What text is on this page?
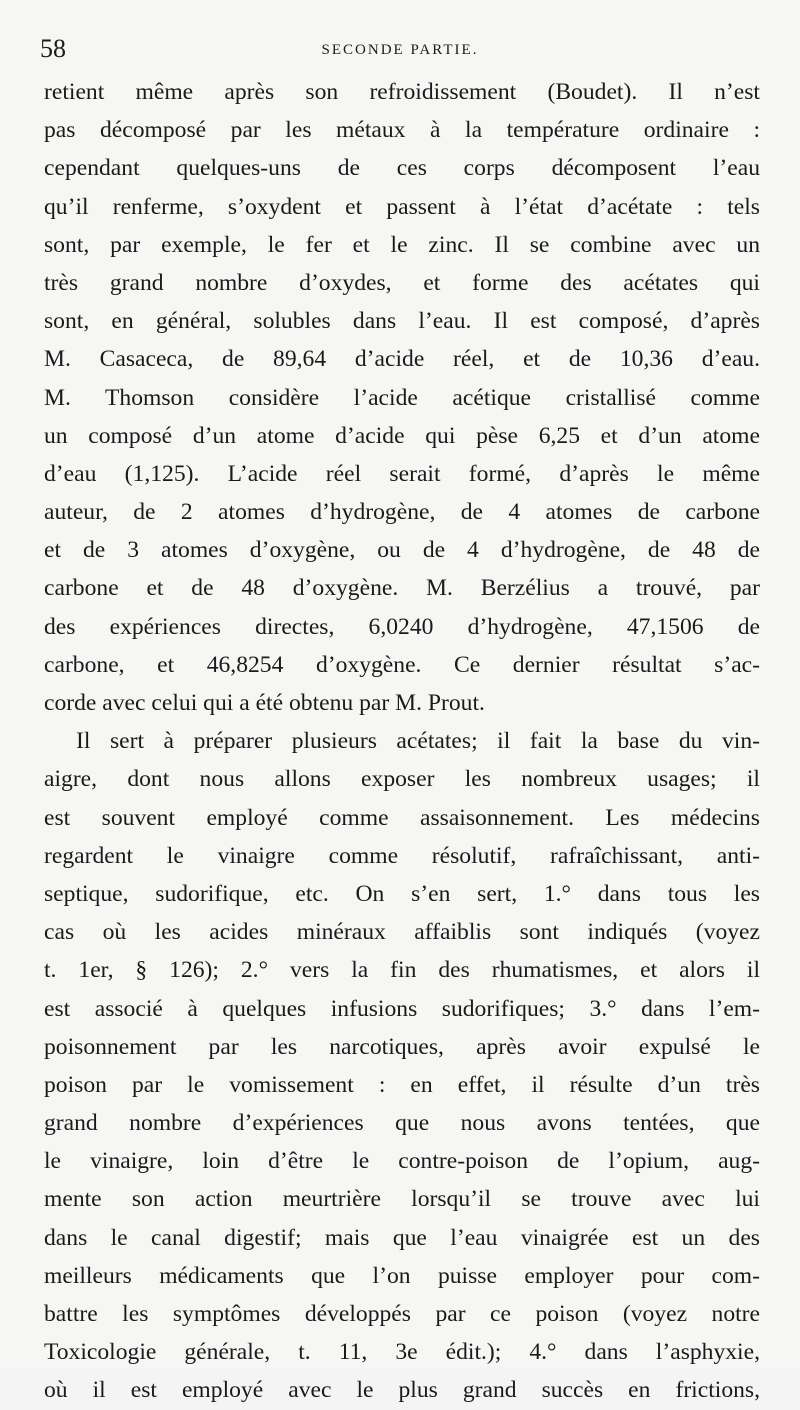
58	SECONDE PARTIE.
retient même après son refroidissement (Boudet). Il n’est
pas décomposé par les métaux à la température ordinaire :
cependant quelques-uns de ces corps décomposent l’eau
qu’il renferme, s’oxydent et passent à l’état d’acétate : tels
sont, par exemple, le fer et le zinc. Il se combine avec un
très grand nombre d’oxydes, et forme des acétates qui
sont, en général, solubles dans l’eau. Il est composé, d’après
M. Casaceca, de 89,64 d’acide réel, et de 10,36 d’eau.
M. Thomson considère l’acide acétique cristallisé comme
un composé d’un atome d’acide qui pèse 6,25 et d’un atome
d’eau (1,125). L’acide réel serait formé, d’après le même
auteur, de 2 atomes d’hydrogène, de 4 atomes de carbone
et de 3 atomes d’oxygène, ou de 4 d’hydrogène, de 48 de
carbone et de 48 d’oxygène. M. Berzélius a trouvé, par
des expériences directes, 6,0240 d’hydrogène, 47,1506 de
carbone, et 46,8254 d’oxygène. Ce dernier résultat s’ac-
corde avec celui qui a été obtenu par M. Prout.
Il sert à préparer plusieurs acétates; il fait la base du vin-
aigre, dont nous allons exposer les nombreux usages; il
est souvent employé comme assaisonnement. Les médecins
regardent le vinaigre comme résolutif, rafraîchissant, anti-
septique, sudorifique, etc. On s’en sert, 1.° dans tous les
cas où les acides minéraux affaiblis sont indiqués (voyez
t. 1er, § 126); 2.° vers la fin des rhumatismes, et alors il
est associé à quelques infusions sudorifiques; 3.° dans l’em-
poisonnement par les narcotiques, après avoir expulsé le
poison par le vomissement : en effet, il résulte d’un très
grand nombre d’expériences que nous avons tentées, que
le vinaigre, loin d’être le contre-poison de l’opium, aug-
mente son action meurtrière lorsqu’il se trouve avec lui
dans le canal digestif; mais que l’eau vinaigrée est un des
meilleurs médicaments que l’on puisse employer pour com-
battre les symptômes développés par ce poison (voyez notre
Toxicologie générale, t. 11, 3e édit.); 4.° dans l’asphyxie,
où il est employé avec le plus grand succès en frictions,
